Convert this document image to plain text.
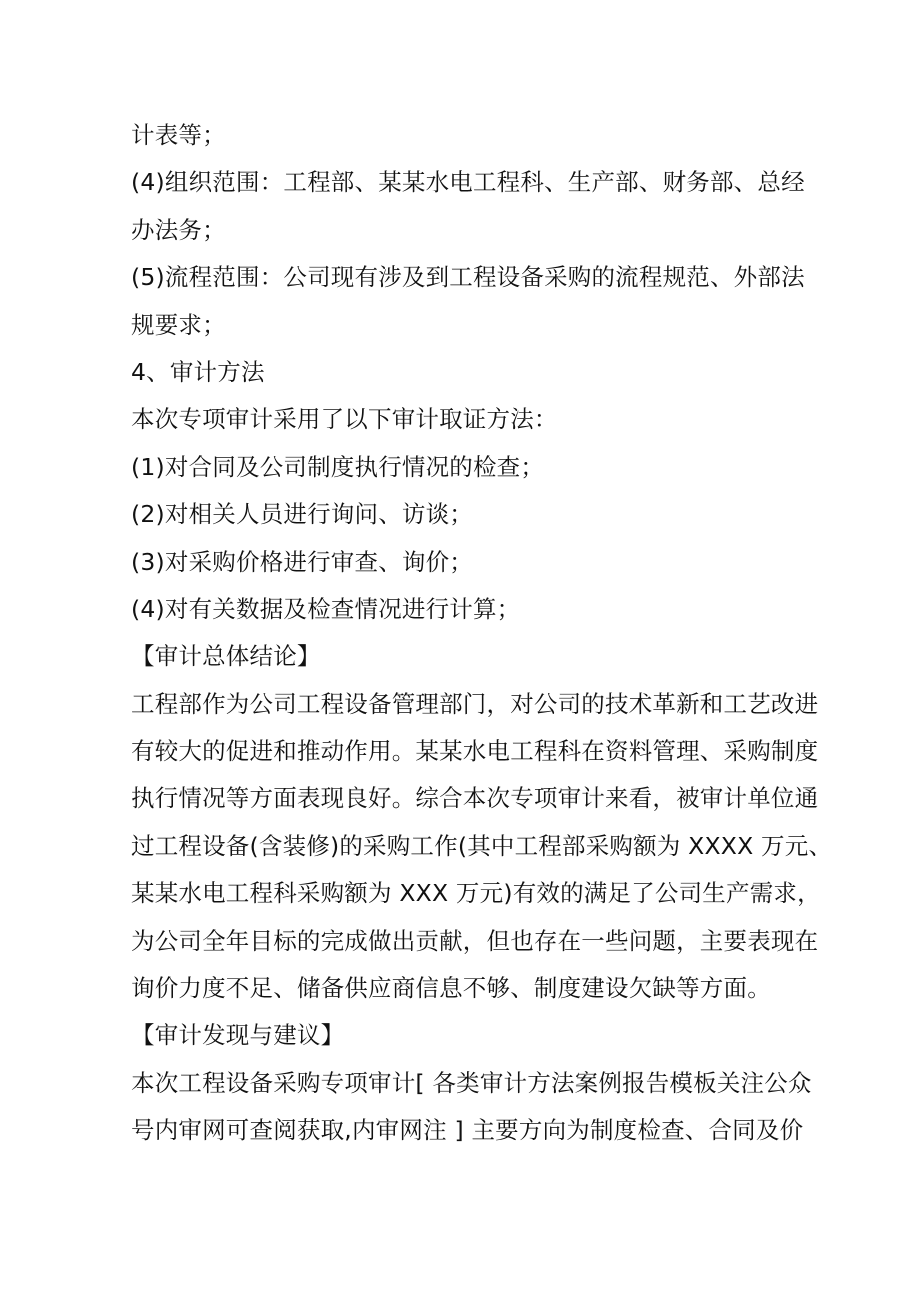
计表等；
(4)组织范围：工程部、某某水电工程科、生产部、财务部、总经
办法务；
(5)流程范围：公司现有涉及到工程设备采购的流程规范、外部法
规要求；
4、审计方法
本次专项审计采用了以下审计取证方法：
(1)对合同及公司制度执行情况的检查；
(2)对相关人员进行询问、访谈；
(3)对采购价格进行审查、询价；
(4)对有关数据及检查情况进行计算；
【审计总体结论】
工程部作为公司工程设备管理部门，对公司的技术革新和工艺改进
有较大的促进和推动作用。某某水电工程科在资料管理、采购制度
执行情况等方面表现良好。综合本次专项审计来看，被审计单位通
过工程设备(含装修)的采购工作(其中工程部采购额为 XXXX 万元、
某某水电工程科采购额为 XXX 万元)有效的满足了公司生产需求，
为公司全年目标的完成做出贡献，但也存在一些问题，主要表现在
询价力度不足、储备供应商信息不够、制度建设欠缺等方面。
【审计发现与建议】
本次工程设备采购专项审计[ 各类审计方法案例报告模板关注公众
号内审网可查阅获取,内审网注 ] 主要方向为制度检查、合同及价
